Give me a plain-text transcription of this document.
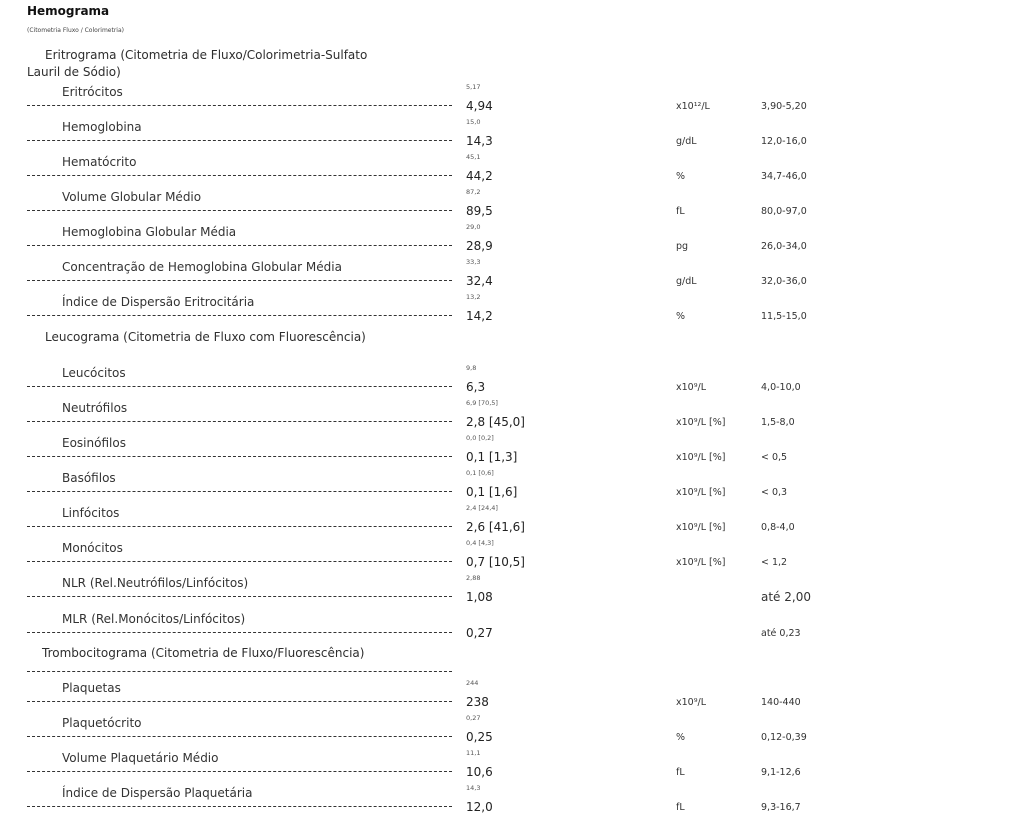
Hemograma
(Citometria Fluxo / Colorimetria)
Eritrograma (Citometria de Fluxo/Colorimetria-Sulfato
Lauril de Sódio)
Leucograma (Citometria de Fluxo com Fluorescência)
Trombocitograma (Citometria de Fluxo/Fluorescência)
Eritrócitos	5,17
4,94	x10¹²/L	3,90-5,20
Hemoglobina	15,0
14,3	g/dL	12,0-16,0
Hematócrito	45,1
44,2	%	34,7-46,0
Volume Globular Médio	87,2
89,5	fL	80,0-97,0
Hemoglobina Globular Média	29,0
28,9	pg	26,0-34,0
Concentração de Hemoglobina Globular Média	33,3
32,4	g/dL	32,0-36,0
Índice de Dispersão Eritrocitária	13,2
14,2	%	11,5-15,0
Leucócitos	9,8
6,3	x10⁹/L	4,0-10,0
Neutrófilos	6,9 [70,5]
2,8 [45,0]	x10⁹/L [%]	1,5-8,0
Eosinófilos	0,0 [0,2]
0,1 [1,3]	x10⁹/L [%]	< 0,5
Basófilos	0,1 [0,6]
0,1 [1,6]	x10⁹/L [%]	< 0,3
Linfócitos	2,4 [24,4]
2,6 [41,6]	x10⁹/L [%]	0,8-4,0
Monócitos	0,4 [4,3]
0,7 [10,5]	x10⁹/L [%]	< 1,2
NLR (Rel.Neutrófilos/Linfócitos)	2,88
1,08	até 2,00
MLR (Rel.Monócitos/Linfócitos)
0,27	até 0,23
Plaquetas	244
238	x10⁹/L	140-440
Plaquetócrito	0,27
0,25	%	0,12-0,39
Volume Plaquetário Médio	11,1
10,6	fL	9,1-12,6
Índice de Dispersão Plaquetária	14,3
12,0	fL	9,3-16,7
